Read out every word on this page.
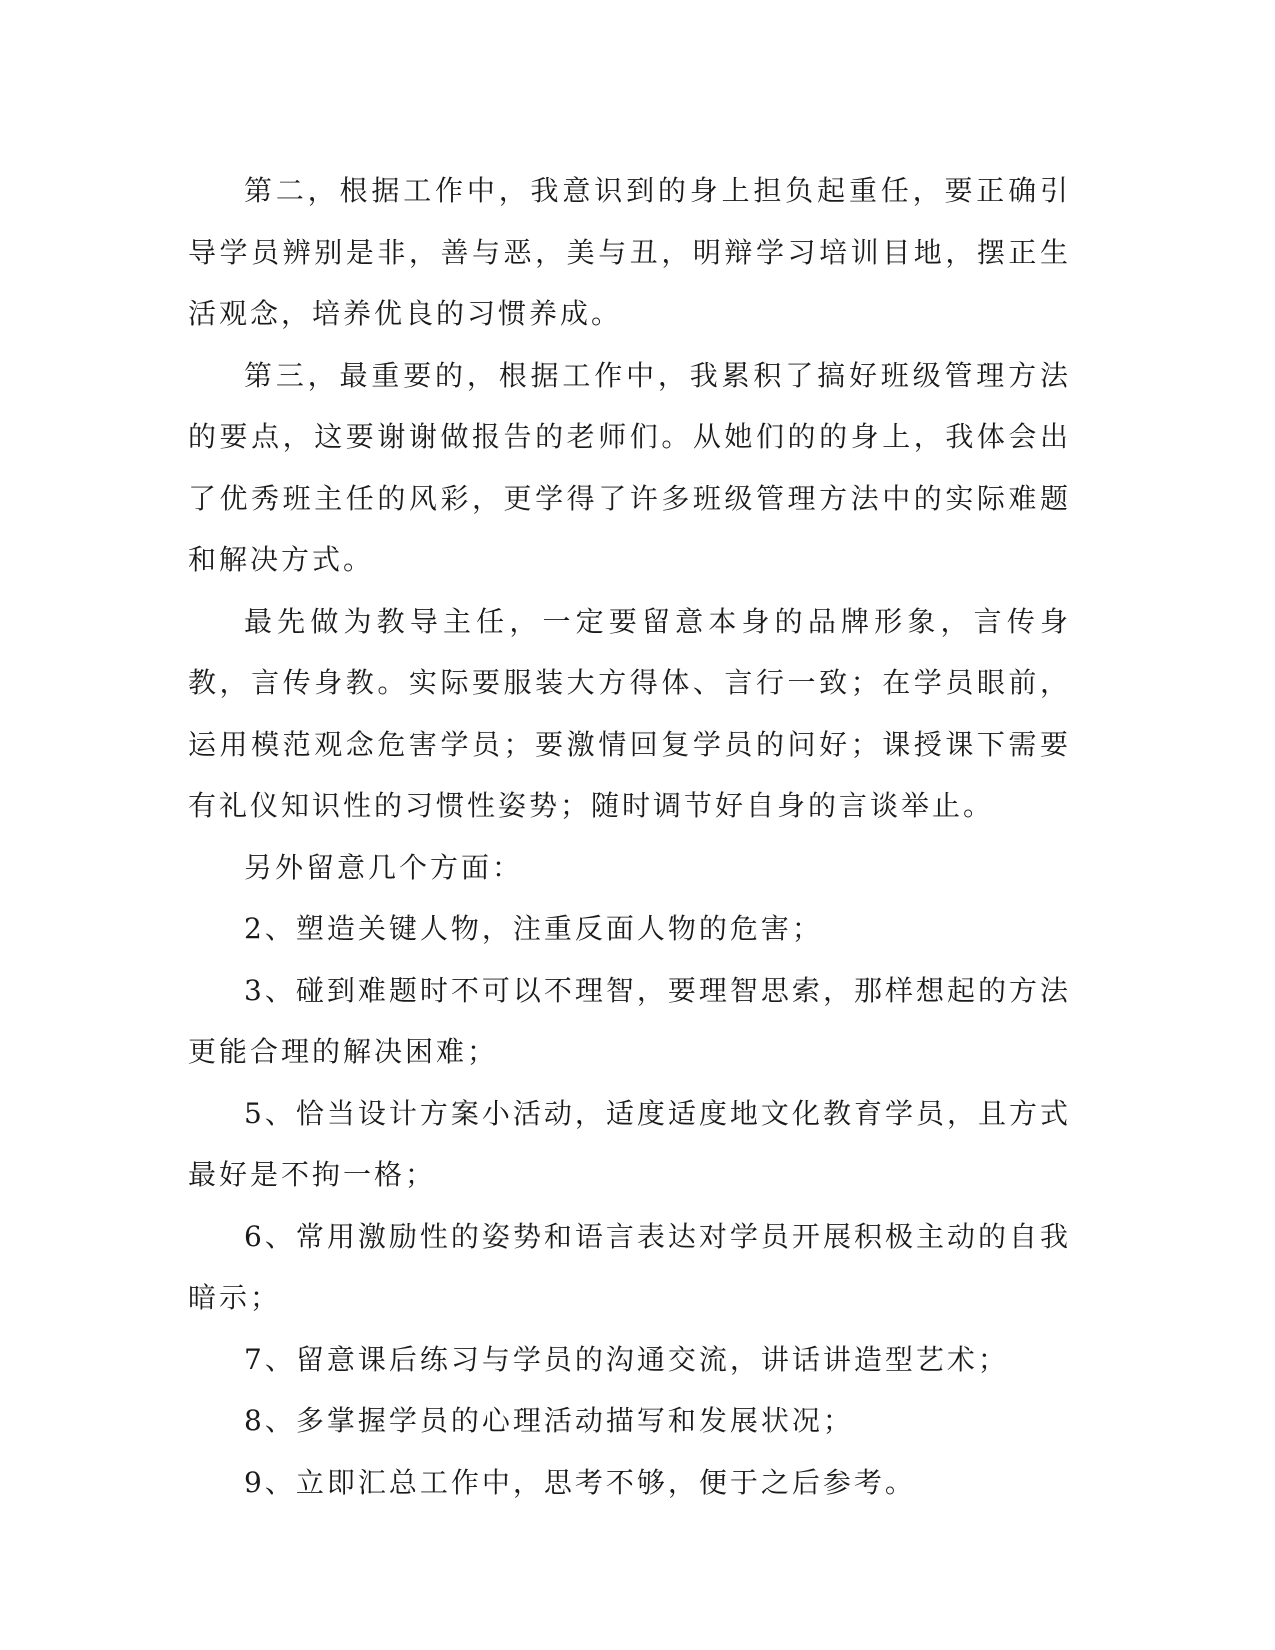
第二，根据工作中，我意识到的身上担负起重任，要正确引导学员辨别是非，善与恶，美与丑，明辩学习培训目地，摆正生活观念，培养优良的习惯养成。

第三，最重要的，根据工作中，我累积了搞好班级管理方法的要点，这要谢谢做报告的老师们。从她们的的身上，我体会出了优秀班主任的风彩，更学得了许多班级管理方法中的实际难题和解决方式。

最先做为教导主任，一定要留意本身的品牌形象，言传身教，言传身教。实际要服装大方得体、言行一致；在学员眼前，运用模范观念危害学员；要激情回复学员的问好；课授课下需要有礼仪知识性的习惯性姿势；随时调节好自身的言谈举止。

另外留意几个方面：

2、塑造关键人物，注重反面人物的危害；

3、碰到难题时不可以不理智，要理智思索，那样想起的方法更能合理的解决困难；

5、恰当设计方案小活动，适度适度地文化教育学员，且方式最好是不拘一格；

6、常用激励性的姿势和语言表达对学员开展积极主动的自我暗示；

7、留意课后练习与学员的沟通交流，讲话讲造型艺术；

8、多掌握学员的心理活动描写和发展状况；

9、立即汇总工作中，思考不够，便于之后参考。
